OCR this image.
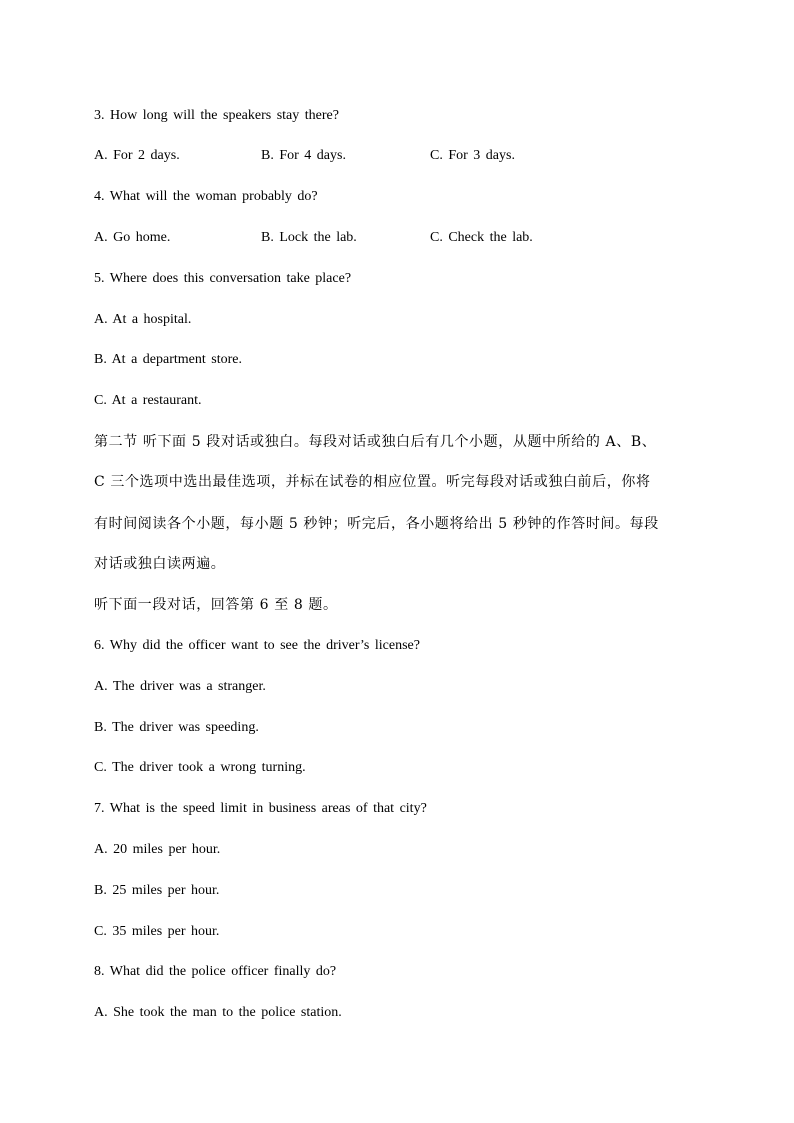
3. How long will the speakers stay there?
A. For 2 days.	B. For 4 days.	C. For 3 days.
4. What will the woman probably do?
A. Go home.	B. Lock the lab.	C. Check the lab.
5. Where does this conversation take place?
A. At a hospital.
B. At a department store.
C. At a restaurant.
第二节 听下面 5 段对话或独白。每段对话或独白后有几个小题，从题中所给的 A、B、
C 三个选项中选出最佳选项，并标在试卷的相应位置。听完每段对话或独白前后，你将
有时间阅读各个小题，每小题 5 秒钟；听完后，各小题将给出 5 秒钟的作答时间。每段
对话或独白读两遍。
听下面一段对话，回答第 6 至 8 题。
6. Why did the officer want to see the driver’s license?
A. The driver was a stranger.
B. The driver was speeding.
C. The driver took a wrong turning.
7. What is the speed limit in business areas of that city?
A. 20 miles per hour.
B. 25 miles per hour.
C. 35 miles per hour.
8. What did the police officer finally do?
A. She took the man to the police station.
